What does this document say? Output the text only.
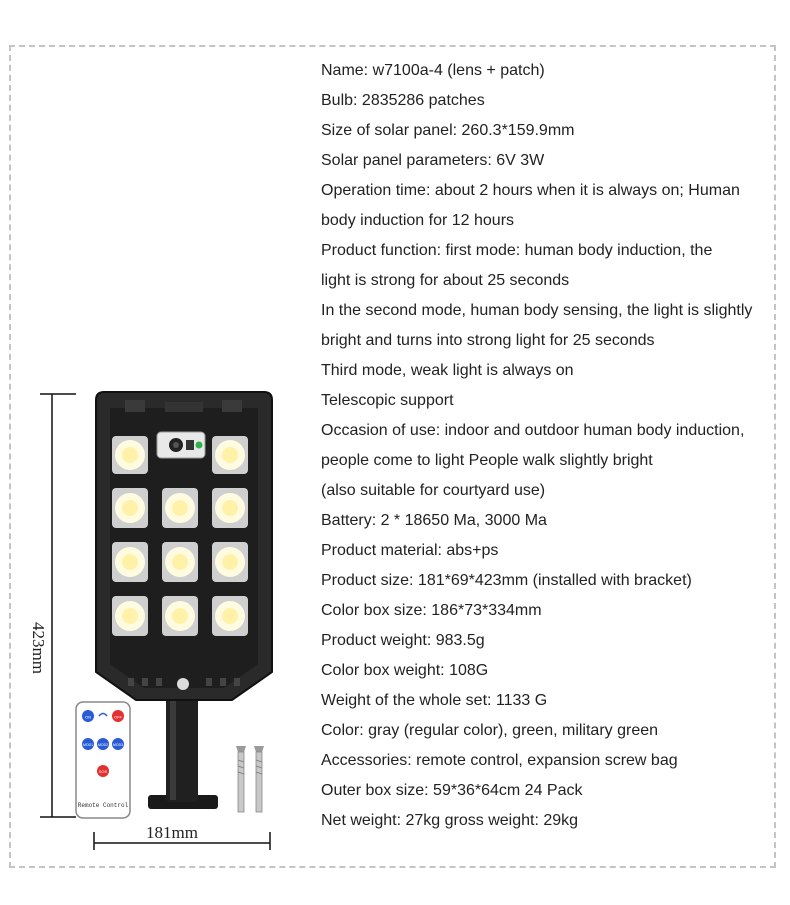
ON	OFF
MOD1 MOD2 MOD3
SOS
Remote Control
181mm
423mm
Name: w7100a-4 (lens + patch)
Bulb: 2835286 patches
Size of solar panel: 260.3*159.9mm
Solar panel parameters: 6V 3W
Operation time: about 2 hours when it is always on; Human
body induction for 12 hours
Product function: first mode: human body induction, the
light is strong for about 25 seconds
In the second mode, human body sensing, the light is slightly
bright and turns into strong light for 25 seconds
Third mode, weak light is always on
Telescopic support
Occasion of use: indoor and outdoor human body induction,
people come to light People walk slightly bright
(also suitable for courtyard use)
Battery: 2 * 18650 Ma, 3000 Ma
Product material: abs+ps
Product size: 181*69*423mm (installed with bracket)
Color box size: 186*73*334mm
Product weight: 983.5g
Color box weight: 108G
Weight of the whole set: 1133 G
Color: gray (regular color), green, military green
Accessories: remote control, expansion screw bag
Outer box size: 59*36*64cm 24 Pack
Net weight: 27kg gross weight: 29kg
